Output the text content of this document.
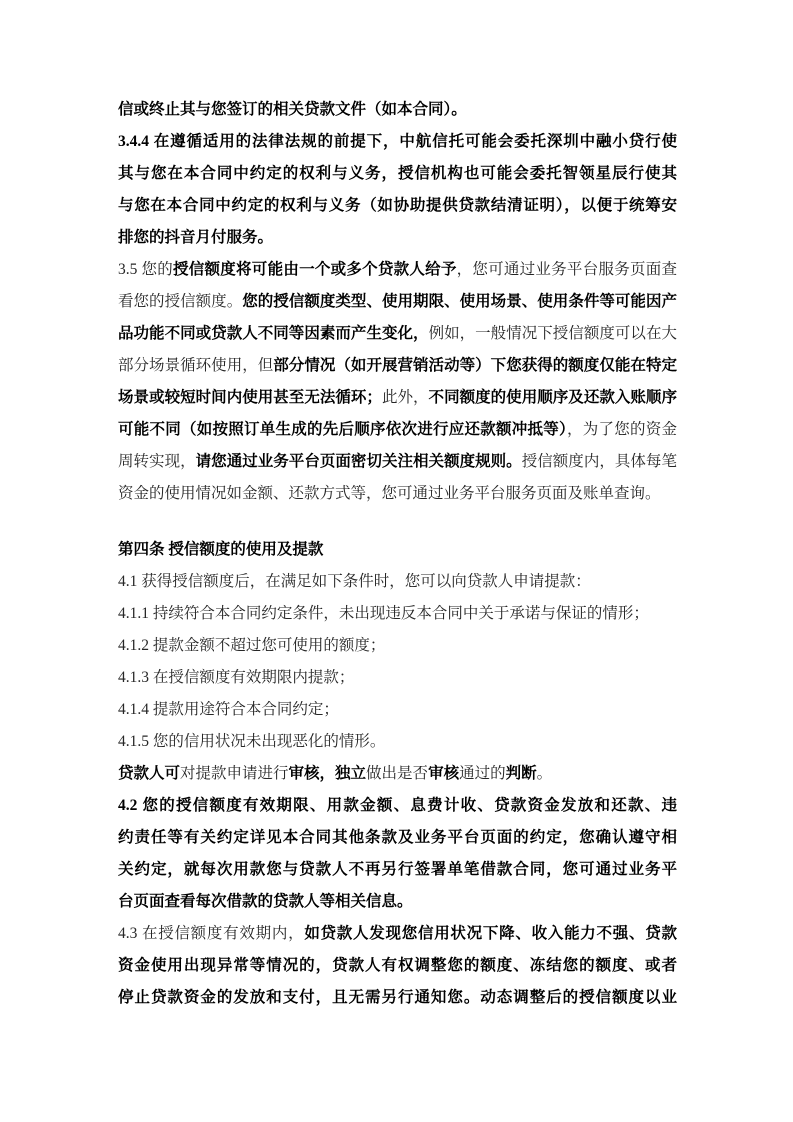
信或终止其与您签订的相关贷款文件（如本合同）。
3.4.4 在遵循适用的法律法规的前提下，中航信托可能会委托深圳中融小贷行使
其与您在本合同中约定的权利与义务，授信机构也可能会委托智领星辰行使其
与您在本合同中约定的权利与义务（如协助提供贷款结清证明），以便于统筹安
排您的抖音月付服务。
3.5 您的授信额度将可能由一个或多个贷款人给予，您可通过业务平台服务页面查
看您的授信额度。您的授信额度类型、使用期限、使用场景、使用条件等可能因产
品功能不同或贷款人不同等因素而产生变化，例如，一般情况下授信额度可以在大
部分场景循环使用，但部分情况（如开展营销活动等）下您获得的额度仅能在特定
场景或较短时间内使用甚至无法循环；此外，不同额度的使用顺序及还款入账顺序
可能不同（如按照订单生成的先后顺序依次进行应还款额冲抵等），为了您的资金
周转实现，请您通过业务平台页面密切关注相关额度规则。授信额度内，具体每笔
资金的使用情况如金额、还款方式等，您可通过业务平台服务页面及账单查询。
第四条 授信额度的使用及提款
4.1 获得授信额度后，在满足如下条件时，您可以向贷款人申请提款：
4.1.1 持续符合本合同约定条件，未出现违反本合同中关于承诺与保证的情形；
4.1.2 提款金额不超过您可使用的额度；
4.1.3 在授信额度有效期限内提款；
4.1.4 提款用途符合本合同约定；
4.1.5 您的信用状况未出现恶化的情形。
贷款人可对提款申请进行审核，独立做出是否审核通过的判断。
4.2 您的授信额度有效期限、用款金额、息费计收、贷款资金发放和还款、违
约责任等有关约定详见本合同其他条款及业务平台页面的约定，您确认遵守相
关约定，就每次用款您与贷款人不再另行签署单笔借款合同，您可通过业务平
台页面查看每次借款的贷款人等相关信息。
4.3 在授信额度有效期内，如贷款人发现您信用状况下降、收入能力不强、贷款
资金使用出现异常等情况的，贷款人有权调整您的额度、冻结您的额度、或者
停止贷款资金的发放和支付，且无需另行通知您。动态调整后的授信额度以业
